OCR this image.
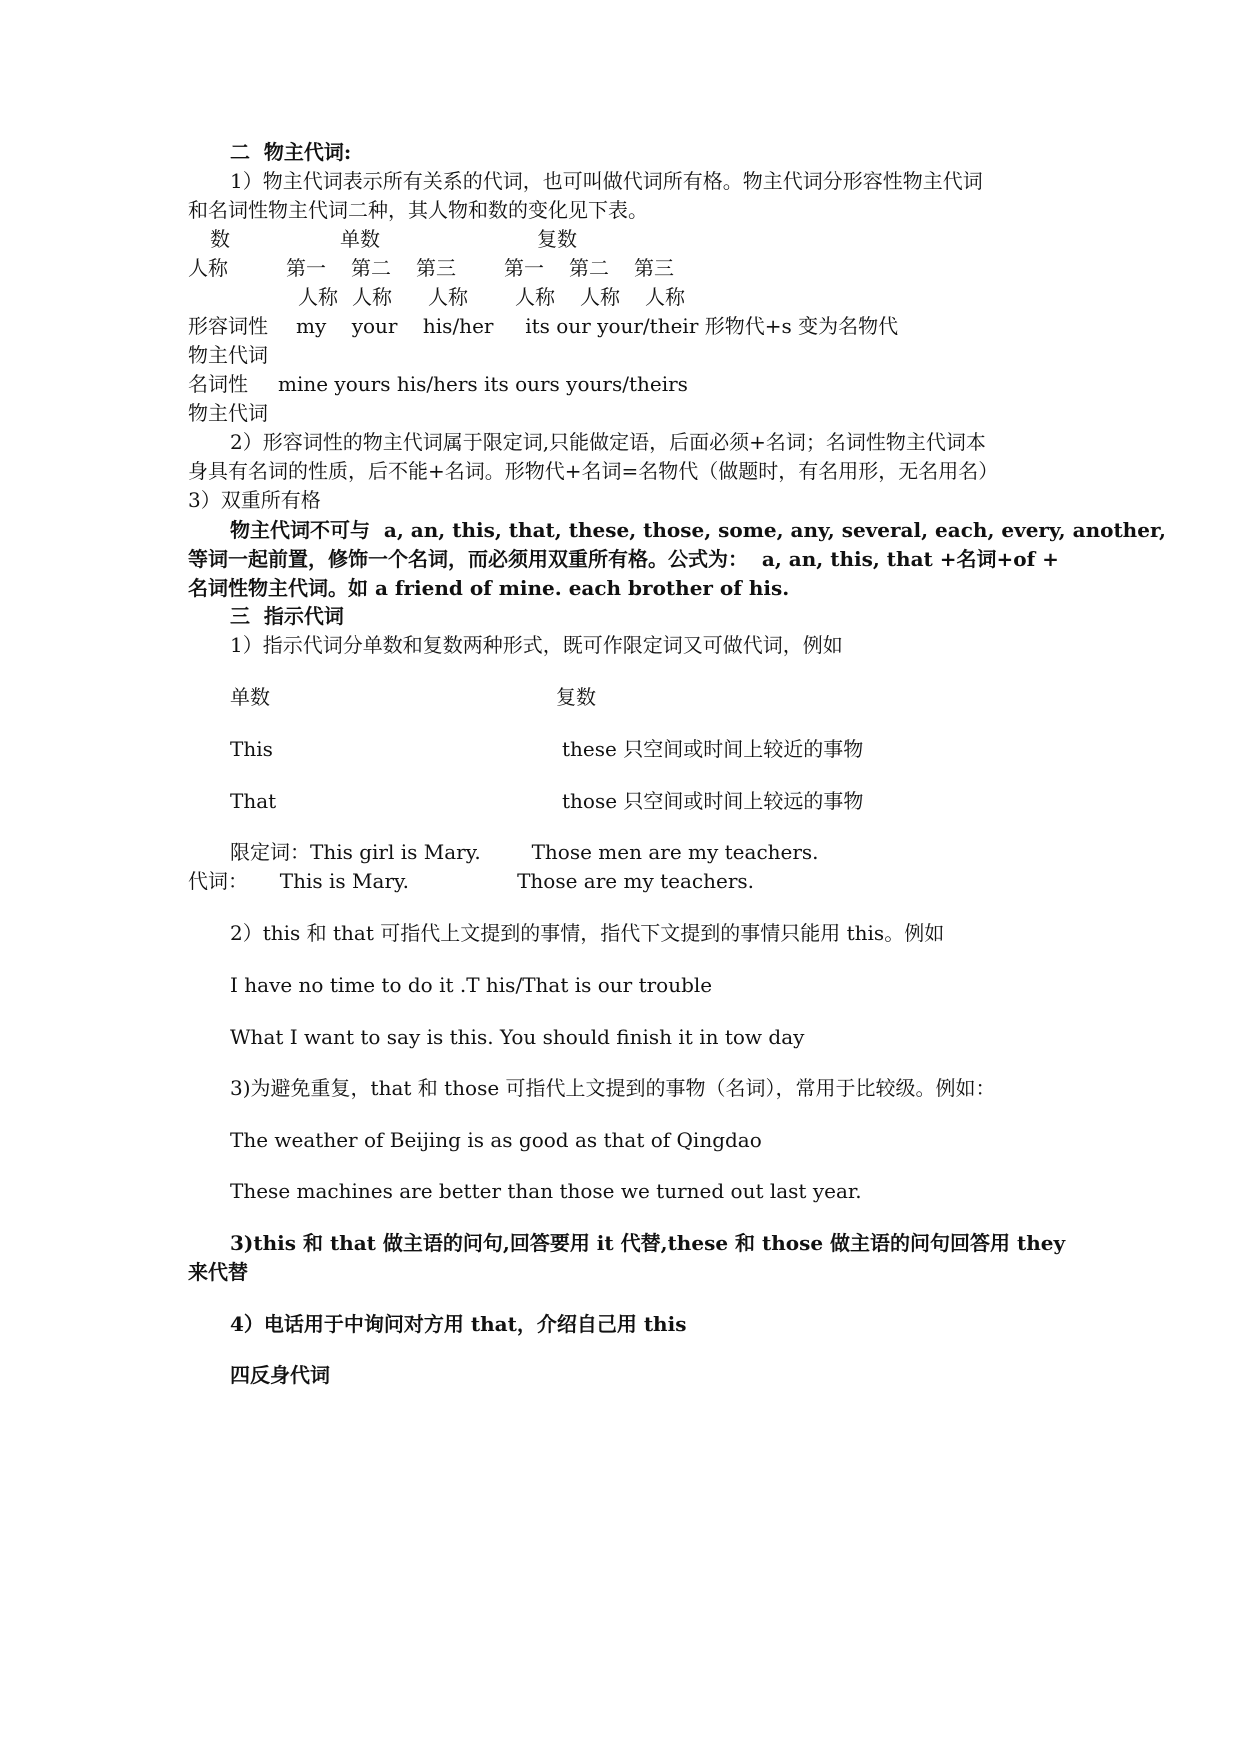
二  物主代词:
1）物主代词表示所有关系的代词，也可叫做代词所有格。物主代词分形容性物主代词
和名词性物主代词二种，其人物和数的变化见下表。
数	单数	复数
人称	第一 第二 第三 第一 第二 第三
人称 人称 人称 人称 人称 人称
形容词性 my    your    his/her     its our your/their 形物代+s 变为名物代
物主代词
名词性 mine yours his/hers its ours yours/theirs
物主代词
2）形容词性的物主代词属于限定词,只能做定语，后面必须+名词；名词性物主代词本
身具有名词的性质，后不能+名词。形物代+名词=名物代（做题时，有名用形，无名用名）
3）双重所有格
物主代词不可与  a, an, this, that, these, those, some, any, several, each, every, another,
等词一起前置，修饰一个名词，而必须用双重所有格。公式为：  a, an, this, that +名词+of +
名词性物主代词。如 a friend of mine. each brother of his.
三  指示代词
1）指示代词分单数和复数两种形式，既可作限定词又可做代词，例如
单数	复数
This	these 只空间或时间上较近的事物
That	those 只空间或时间上较远的事物
限定词：This girl is Mary.        Those men are my teachers.
代词：     This is Mary.                 Those are my teachers.
2）this 和 that 可指代上文提到的事情，指代下文提到的事情只能用 this。例如
I have no time to do it .T his/That is our trouble
What I want to say is this. You should finish it in tow day
3)为避免重复，that 和 those 可指代上文提到的事物（名词），常用于比较级。例如：
The weather of Beijing is as good as that of Qingdao
These machines are better than those we turned out last year.
3)this 和 that 做主语的问句,回答要用 it 代替,these 和 those 做主语的问句回答用 they
来代替
4）电话用于中询问对方用 that，介绍自己用 this
四反身代词
